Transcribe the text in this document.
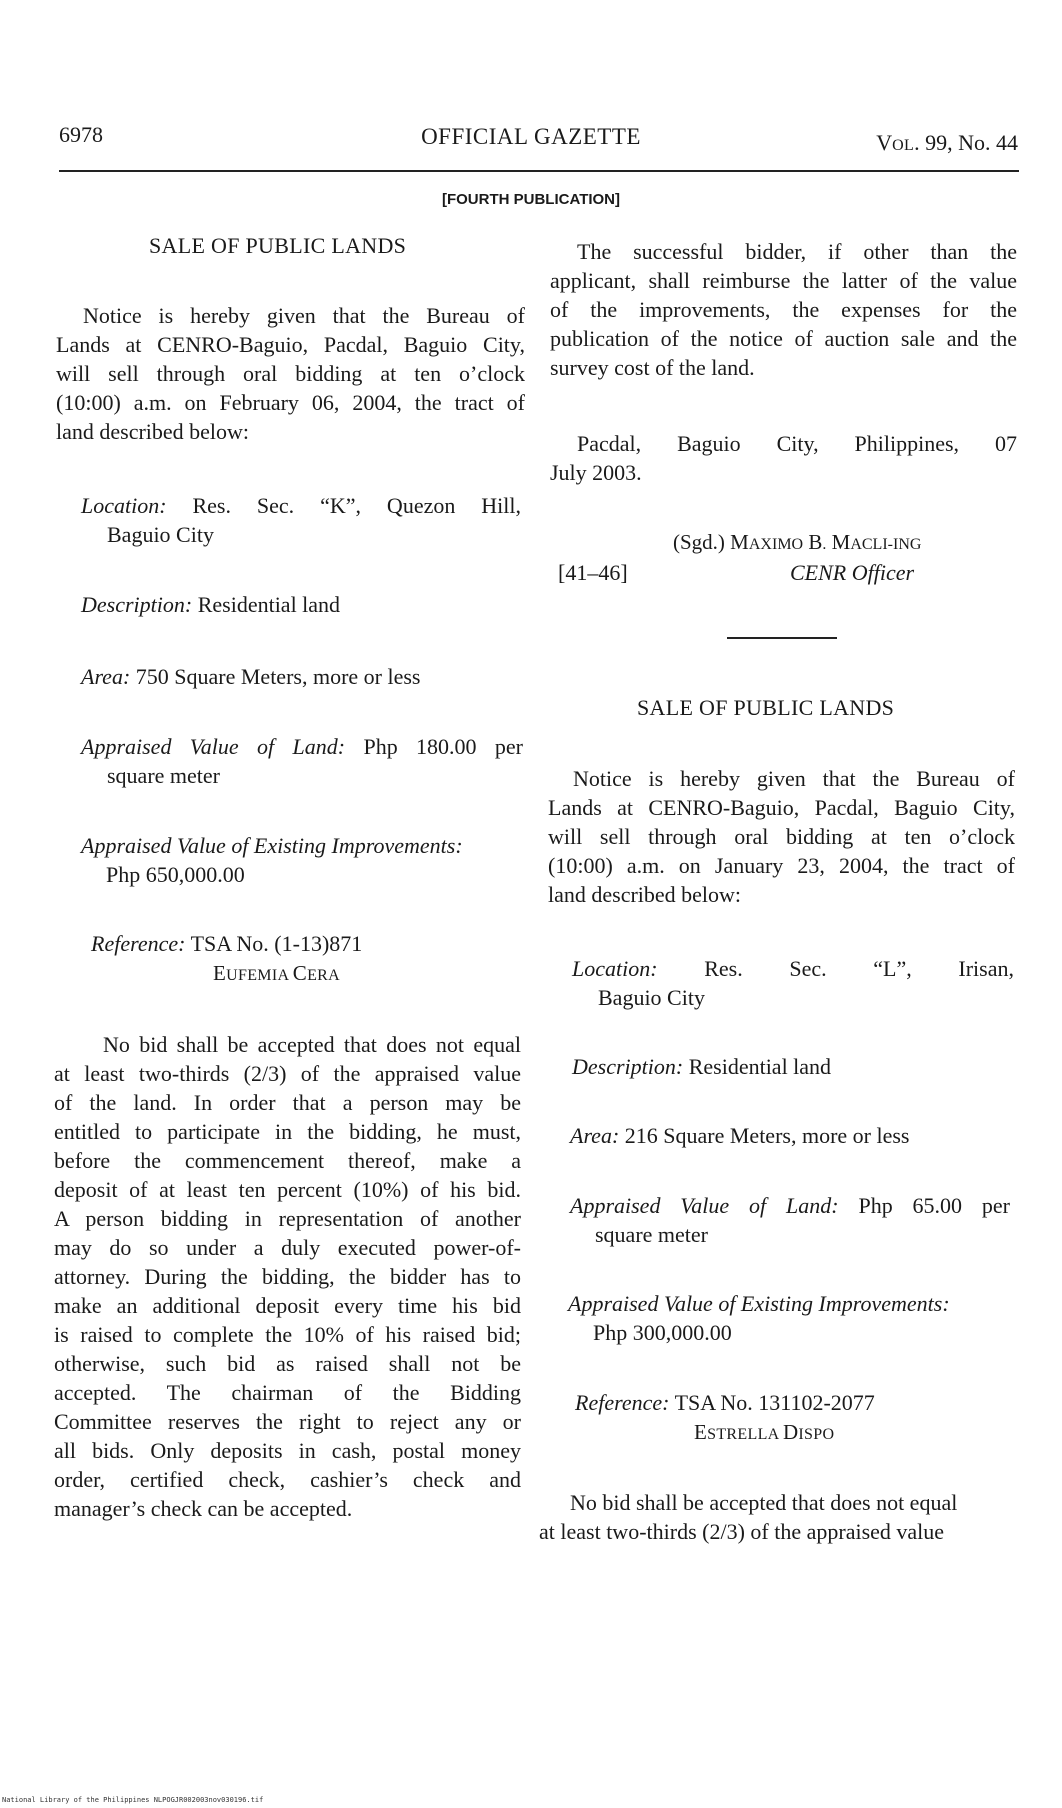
6978	OFFICIAL GAZETTE	VOL. 99, No. 44
[FOURTH PUBLICATION]
SALE OF PUBLIC LANDS
Notice is hereby given that the Bureau of
Lands at CENRO-Baguio, Pacdal, Baguio City,
will sell through oral bidding at ten o’clock
(10:00) a.m. on February 06, 2004, the tract of
land described below:
Location: Res. Sec. “K”, Quezon Hill,
Baguio City
Description: Residential land
Area: 750 Square Meters, more or less
Appraised Value of Land: Php 180.00 per
square meter
Appraised Value of Existing Improvements:
Php 650,000.00
Reference: TSA No. (1-13)871
EUFEMIA CERA
No bid shall be accepted that does not equal
at least two-thirds (2/3) of the appraised value
of the land. In order that a person may be
entitled to participate in the bidding, he must,
before the commencement thereof, make a
deposit of at least ten percent (10%) of his bid.
A person bidding in representation of another
may do so under a duly executed power-of-
attorney. During the bidding, the bidder has to
make an additional deposit every time his bid
is raised to complete the 10% of his raised bid;
otherwise, such bid as raised shall not be
accepted. The chairman of the Bidding
Committee reserves the right to reject any or
all bids. Only deposits in cash, postal money
order, certified check, cashier’s check and
manager’s check can be accepted.
The successful bidder, if other than the
applicant, shall reimburse the latter of the value
of the improvements, the expenses for the
publication of the notice of auction sale and the
survey cost of the land.
Pacdal, Baguio City, Philippines, 07
July 2003.
(Sgd.) MAXIMO B. MACLI-ING
[41–46]	CENR Officer
SALE OF PUBLIC LANDS
Notice is hereby given that the Bureau of
Lands at CENRO-Baguio, Pacdal, Baguio City,
will sell through oral bidding at ten o’clock
(10:00) a.m. on January 23, 2004, the tract of
land described below:
Location: Res. Sec. “L”, Irisan,
Baguio City
Description: Residential land
Area: 216 Square Meters, more or less
Appraised Value of Land: Php 65.00 per
square meter
Appraised Value of Existing Improvements:
Php 300,000.00
Reference: TSA No. 131102-2077
ESTRELLA DISPO
No bid shall be accepted that does not equal
at least two-thirds (2/3) of the appraised value
National Library of the Philippines NLPOGJR002003nov030196.tif
